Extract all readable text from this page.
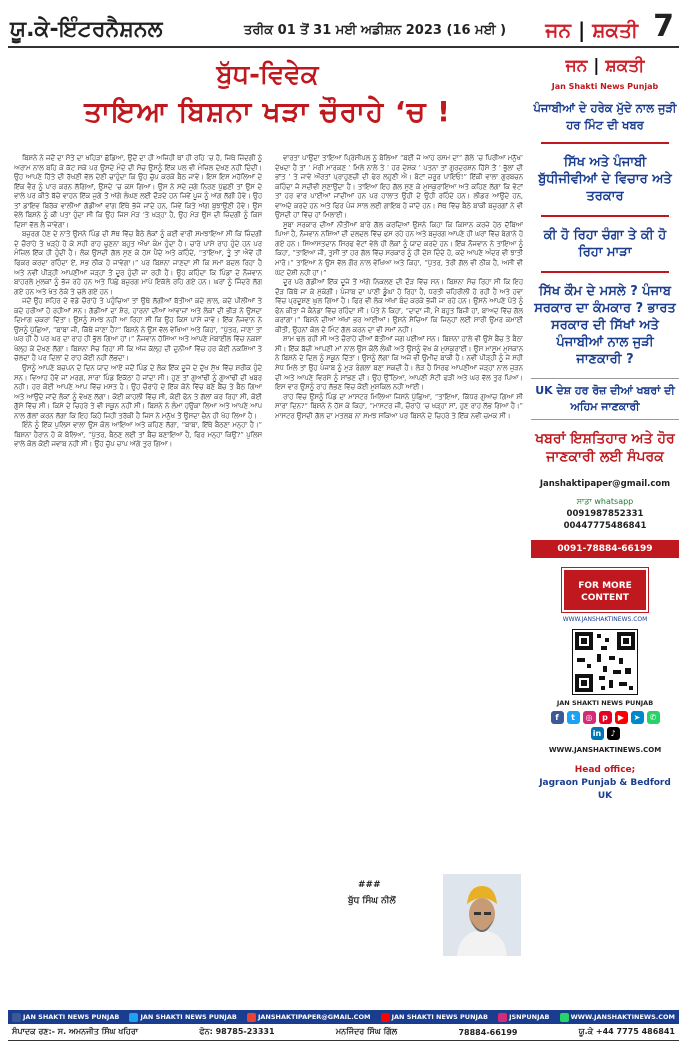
ਯੂ.ਕੇ-ਇੰਟਰਨੈਸ਼ਨਲ	ਤਰੀਕ 01 ਤੋਂ 31 ਮਈ ਅਡੀਸ਼ਨ 2023 (16 ਮਈ )	ਜਨ | ਸ਼ਕਤੀ 7
ਬੁੱਧ-ਵਿਵੇਕ
ਤਾਇਆ ਬਿਸ਼ਨਾ ਖੜਾ ਚੌਰਾਹੇ ‘ਚ !

ਬਿਸ਼ਨੇ ਨੇ ਜਦੋਂ ਦਾ ਸੋਤੇ ਦਾ ਖਹਿੜਾ ਛੱਡਿਆ, ਉਦੋਂ ਦਾ ਹੀ ਅਜਿਹੀ ਥਾਂ ਹੀ ਰਹਿ ‘ਚ ਹੈ, ਜਿਥੇ ਜ਼ਿੰਦਗੀ ਨੂੰ ਅਰਾਮ ਨਾਲ ਬਹਿ ਕੇ ਕੱਟ ਸਕੇ ਪਰ ਉਸਦੇ ਮੰਦੇ ਦੀ ਸੋਚ ਉਸਨੂੰ ਇੱਕ ਪਲ ਵੀ ਮੰਜ਼ਿਲ ਦੇਖਣ ਨਹੀਂ ਦਿੰਦੀ। ਉਹ ਆਪਣੇ ਹਿੱਤੇ ਦੀ ਰੱਖਣੀ ਵੱਲ ਦੇਣੀ ਚਾਹੁੰਦਾ ਕਿ ਉਹ ਚੁੱਪ ਕਰਕੇ ਬੈਠ ਜਾਵੇ। ਇਸ ਇਸ ਮਹੱਲਿਆਂ ਦੇ ਇੱਕ ਵੈਰ ਨੂੰ ਪਾਰ ਕਰਨ ਲੱਗਿਆਂ, ਉਸਦੇ ‘ਚ ਕਸ ਗਿਆ। ਉਸ ਨੇ ਸਦੇ ਜੁਗੇ ਨਿਰਣ ਪੁੱਛਣੀ ਤਾਂ ਉਸ ਦੇ ਵਾਲੇ ਪਰ ਕੀਤੇ ਬੱਚੇ ਵਾਹਨ ਇੱਕ ਜੁਗੇ ਤੋਂ ਅੱਗੇ ਲੰਘਣ ਲਈ ਦੌੜਦੇ ਹਨ ਜਿਵੇਂ ਪੂਜ ਨੂੰ ਅੱਗ ਲੱਗੀ ਹੋਵੇ। ਉਹ ਤਾਂ ਡਾਇਵ ਬਿਰੱਕ ਵਾਲੀਆਂ ਗੱਡੀਆਂ ਵਾਂਗ ਇੱਥੇ ਭੱਜੇ ਜਾਂਦੇ ਹਨ, ਜਿਵੇਂ ਕਿਤੇ ਅੱਗ ਬੁਝਾਉਣੀ ਹੋਵੇ। ਉਸ ਵੇਲੇ ਬਿਸ਼ਨੇ ਨੂੰ ਕੀ ਪਤਾ ਹੁੰਦਾ ਸੀ ਕਿ ਉਹ ਜਿਸ ਮੋੜ ‘ਤੇ ਖੜ੍ਹਾ ਹੈ, ਉਹ ਮੋੜ ਉਸ ਦੀ ਜ਼ਿੰਦਗੀ ਨੂੰ ਕਿਸ ਦਿਸ਼ਾ ਵੱਲ ਲੈ ਜਾਵੇਗਾ।

ਬਜ਼ੁਰਗ ਹੋਣ ਦੇ ਨਾਤੇ ਉਸਨੇ ਪਿੰਡ ਦੀ ਸੱਥ ਵਿੱਚ ਬੈਠੇ ਲੋਕਾਂ ਨੂੰ ਕਈ ਵਾਰੀ ਸਮਝਾਇਆ ਸੀ ਕਿ ਜ਼ਿੰਦਗੀ ਦੇ ਚੌਰਾਹੇ ਤੇ ਖੜ੍ਹੇ ਹੋ ਕੇ ਸਹੀ ਰਾਹ ਚੁਣਨਾ ਬਹੁਤ ਔਖਾ ਕੰਮ ਹੁੰਦਾ ਹੈ। ਚਾਰੇ ਪਾਸੇ ਰਾਹ ਹੁੰਦੇ ਹਨ ਪਰ ਮੰਜ਼ਿਲ ਇੱਕ ਹੀ ਹੁੰਦੀ ਹੈ। ਲੋਕ ਉਸਦੀ ਗੱਲ ਸੁਣ ਕੇ ਹੱਸ ਪੈਂਦੇ ਅਤੇ ਕਹਿੰਦੇ, “ਤਾਇਆ, ਤੂੰ ਤਾਂ ਐਵੇਂ ਹੀ ਫਿਕਰ ਕਰਦਾ ਰਹਿੰਦਾ ਏਂ, ਸਭ ਠੀਕ ਹੋ ਜਾਵੇਗਾ।” ਪਰ ਬਿਸ਼ਨਾ ਜਾਣਦਾ ਸੀ ਕਿ ਸਮਾਂ ਬਦਲ ਰਿਹਾ ਹੈ ਅਤੇ ਨਵੀਂ ਪੀੜ੍ਹੀ ਆਪਣੀਆਂ ਜੜ੍ਹਾਂ ਤੋਂ ਦੂਰ ਹੁੰਦੀ ਜਾ ਰਹੀ ਹੈ। ਉਹ ਕਹਿੰਦਾ ਕਿ ਪਿੰਡਾਂ ਦੇ ਨੌਜਵਾਨ ਬਾਹਰਲੇ ਮੁਲਕਾਂ ਨੂੰ ਭੱਜ ਰਹੇ ਹਨ ਅਤੇ ਪਿੱਛੇ ਬਜ਼ੁਰਗ ਮਾਪੇ ਇਕੱਲੇ ਰਹਿ ਗਏ ਹਨ। ਘਰਾਂ ਨੂੰ ਜਿੰਦਰੇ ਲੱਗ ਗਏ ਹਨ ਅਤੇ ਖੇਤ ਠੇਕੇ ਤੇ ਚਲੇ ਗਏ ਹਨ।

ਜਦੋਂ ਉਹ ਸ਼ਹਿਰ ਦੇ ਵੱਡੇ ਚੌਰਾਹੇ ਤੇ ਪਹੁੰਚਿਆ ਤਾਂ ਉਥੇ ਲੱਗੀਆਂ ਬੱਤੀਆਂ ਕਦੇ ਲਾਲ, ਕਦੇ ਪੀਲੀਆਂ ਤੇ ਕਦੇ ਹਰੀਆਂ ਹੋ ਰਹੀਆਂ ਸਨ। ਗੱਡੀਆਂ ਦਾ ਸ਼ੋਰ, ਹਾਰਨਾਂ ਦੀਆਂ ਆਵਾਜ਼ਾਂ ਅਤੇ ਲੋਕਾਂ ਦੀ ਭੀੜ ਨੇ ਉਸਦਾ ਦਿਮਾਗ ਚਕਰਾ ਦਿੱਤਾ। ਉਸਨੂੰ ਸਮਝ ਨਹੀਂ ਆ ਰਿਹਾ ਸੀ ਕਿ ਉਹ ਕਿਸ ਪਾਸੇ ਜਾਵੇ। ਇੱਕ ਨੌਜਵਾਨ ਨੇ ਉਸਨੂੰ ਪੁੱਛਿਆ, “ਬਾਬਾ ਜੀ, ਕਿੱਥੇ ਜਾਣਾ ਹੈ?” ਬਿਸ਼ਨੇ ਨੇ ਉਸ ਵੱਲ ਵੇਖਿਆ ਅਤੇ ਕਿਹਾ, “ਪੁੱਤਰ, ਜਾਣਾ ਤਾਂ ਘਰ ਹੀ ਹੈ ਪਰ ਘਰ ਦਾ ਰਾਹ ਹੀ ਭੁੱਲ ਗਿਆ ਹਾਂ।” ਨੌਜਵਾਨ ਹੱਸਿਆ ਅਤੇ ਆਪਣੇ ਮੋਬਾਈਲ ਵਿੱਚ ਨਕਸ਼ਾ ਖੋਲ੍ਹ ਕੇ ਦੇਖਣ ਲੱਗਾ। ਬਿਸ਼ਨਾ ਸੋਚ ਰਿਹਾ ਸੀ ਕਿ ਅੱਜ ਕੱਲ੍ਹ ਦੀ ਦੁਨੀਆਂ ਵਿੱਚ ਹਰ ਕੋਈ ਨਕਸ਼ਿਆਂ ਤੇ ਚੱਲਦਾ ਹੈ ਪਰ ਦਿਲਾਂ ਦੇ ਰਾਹ ਕੋਈ ਨਹੀਂ ਲੱਭਦਾ।

ਉਸਨੂੰ ਆਪਣੇ ਬਚਪਨ ਦੇ ਦਿਨ ਯਾਦ ਆਏ ਜਦੋਂ ਪਿੰਡ ਦੇ ਲੋਕ ਇੱਕ ਦੂਜੇ ਦੇ ਦੁੱਖ ਸੁੱਖ ਵਿੱਚ ਸ਼ਰੀਕ ਹੁੰਦੇ ਸਨ। ਵਿਆਹ ਹੋਵੇ ਜਾਂ ਮਰਗ, ਸਾਰਾ ਪਿੰਡ ਇਕੱਠਾ ਹੋ ਜਾਂਦਾ ਸੀ। ਹੁਣ ਤਾਂ ਗੁਆਂਢੀ ਨੂੰ ਗੁਆਂਢੀ ਦੀ ਖਬਰ ਨਹੀਂ। ਹਰ ਕੋਈ ਆਪਣੇ ਆਪ ਵਿੱਚ ਮਸਤ ਹੈ। ਉਹ ਚੌਰਾਹੇ ਦੇ ਇੱਕ ਕੋਨੇ ਵਿੱਚ ਬਣੇ ਬੈਂਚ ਤੇ ਬੈਠ ਗਿਆ ਅਤੇ ਆਉਂਦੇ ਜਾਂਦੇ ਲੋਕਾਂ ਨੂੰ ਵੇਖਣ ਲੱਗਾ। ਕੋਈ ਕਾਹਲੀ ਵਿੱਚ ਸੀ, ਕੋਈ ਫੋਨ ਤੇ ਗੱਲਾਂ ਕਰ ਰਿਹਾ ਸੀ, ਕੋਈ ਗੁੱਸੇ ਵਿੱਚ ਸੀ। ਕਿਸੇ ਦੇ ਚਿਹਰੇ ਤੇ ਵੀ ਸਕੂਨ ਨਹੀਂ ਸੀ। ਬਿਸ਼ਨੇ ਨੇ ਲੰਮਾ ਹਉਕਾ ਲਿਆ ਅਤੇ ਆਪਣੇ ਆਪ ਨਾਲ ਗੱਲਾਂ ਕਰਨ ਲੱਗਾ ਕਿ ਇਹ ਕਿਹੋ ਜਿਹੀ ਤਰੱਕੀ ਹੈ ਜਿਸ ਨੇ ਮਨੁੱਖ ਤੋਂ ਉਸਦਾ ਚੈਨ ਹੀ ਖੋਹ ਲਿਆ ਹੈ।

ਇੰਨੇ ਨੂੰ ਇੱਕ ਪੁਲਿਸ ਵਾਲਾ ਉਸ ਕੋਲ ਆਇਆ ਅਤੇ ਕਹਿਣ ਲੱਗਾ, “ਬਾਬਾ, ਇੱਥੇ ਬੈਠਣਾ ਮਨ੍ਹਾ ਹੈ।” ਬਿਸ਼ਨਾ ਹੈਰਾਨ ਹੋ ਕੇ ਬੋਲਿਆ, “ਪੁੱਤਰ, ਬੈਠਣ ਲਈ ਤਾਂ ਬੈਂਚ ਬਣਾਇਆ ਹੈ, ਫਿਰ ਮਨ੍ਹਾ ਕਿਉਂ?” ਪੁਲਿਸ ਵਾਲੇ ਕੋਲ ਕੋਈ ਜਵਾਬ ਨਹੀਂ ਸੀ। ਉਹ ਚੁੱਪ ਚਾਪ ਅੱਗੇ ਤੁਰ ਗਿਆ।

ਵਾਰਤਾ ਪਾਉਂਦਾ ਤਾਇਆ ਪ੍ਰਿੰਸੀਪਲ ਨੂੰ ਬੋਲਿਆ “ਬਈ ਜੇ ਆਹ ਰਸਮ ਦਾ” ਗੱਲੇ ‘ਚ ਪਿਰੀਆ ਮਨੁੱਖ’ ਦੇਖਦਾ ਹੈ ਤਾਂ ‘ ਮੇਰੀ ਮਾਰਕਣ ’ ਮਿਲੇ ਨਾਲੇ ਤੇ ‘ ਹਰ ਦੇਸ਼ਕ ’ ਪਤਨਾ ਤਾਂ ਗੁਰਦਰਸ਼ਨ ਹਿੱਸੇ ਤੋਂ ‘ ਭੁੱਲਾਂ ਦੀ ਭਾਂਤ ’ ਤੇ ਜਾਵੇ ਔਰਤਾਂ ਪ੍ਰਾਹੁਣਚੀ ਦੀ ਫੇਰ ਲਹੁਣੀ ਐ। ਬੋਟਾਂ ਜ਼ਰੂਰ ਪਾਇਓ!” ਇੱਕੀ ਵਾਲਾ ਗੁਰਬਚਨ ਕਹਿੰਦਾ ਜੋ ਸਦੀਵੀ ਸੁਣਾਉਂਦਾ ਹੈ। ਤਾਇਆ ਇਹ ਗੱਲ ਸੁਣ ਕੇ ਮੁਸਕੁਰਾਇਆ ਅਤੇ ਕਹਿਣ ਲੱਗਾ ਕਿ ਵੋਟਾਂ ਤਾਂ ਹਰ ਵਾਰ ਪਾਈਆਂ ਜਾਂਦੀਆਂ ਹਨ ਪਰ ਹਾਲਾਤ ਉਹੀ ਦੇ ਉਹੀ ਰਹਿੰਦੇ ਹਨ। ਲੀਡਰ ਆਉਂਦੇ ਹਨ, ਵਾਅਦੇ ਕਰਦੇ ਹਨ ਅਤੇ ਫਿਰ ਪੰਜ ਸਾਲ ਲਈ ਗਾਇਬ ਹੋ ਜਾਂਦੇ ਹਨ। ਸੱਥ ਵਿੱਚ ਬੈਠੇ ਬਾਕੀ ਬਜ਼ੁਰਗਾਂ ਨੇ ਵੀ ਉਸਦੀ ਹਾਂ ਵਿੱਚ ਹਾਂ ਮਿਲਾਈ।

ਸੂਬਾ ਸਰਕਾਰ ਦੀਆਂ ਨੀਤੀਆਂ ਬਾਰੇ ਗੱਲ ਕਰਦਿਆਂ ਉਸਨੇ ਕਿਹਾ ਕਿ ਕਿਸਾਨ ਕਰਜ਼ੇ ਹੇਠ ਦੱਬਿਆ ਪਿਆ ਹੈ, ਨੌਜਵਾਨ ਨਸ਼ਿਆਂ ਦੀ ਦਲਦਲ ਵਿੱਚ ਫਸ ਰਹੇ ਹਨ ਅਤੇ ਬਜ਼ੁਰਗ ਆਪਣੇ ਹੀ ਘਰਾਂ ਵਿੱਚ ਬੇਗਾਨੇ ਹੋ ਗਏ ਹਨ। ਸਿਆਸਤਦਾਨ ਸਿਰਫ ਵੋਟਾਂ ਵੇਲੇ ਹੀ ਲੋਕਾਂ ਨੂੰ ਯਾਦ ਕਰਦੇ ਹਨ। ਇੱਕ ਨੌਜਵਾਨ ਨੇ ਤਾਇਆ ਨੂੰ ਕਿਹਾ, “ਤਾਇਆ ਜੀ, ਤੁਸੀਂ ਤਾਂ ਹਰ ਗੱਲ ਵਿੱਚ ਸਰਕਾਰ ਨੂੰ ਹੀ ਦੋਸ਼ ਦਿੰਦੇ ਹੋ, ਕਦੇ ਆਪਣੇ ਅੰਦਰ ਵੀ ਝਾਤੀ ਮਾਰੋ।” ਤਾਇਆ ਨੇ ਉਸ ਵੱਲ ਗੌਰ ਨਾਲ ਵੇਖਿਆ ਅਤੇ ਕਿਹਾ, “ਪੁੱਤਰ, ਤੇਰੀ ਗੱਲ ਵੀ ਠੀਕ ਹੈ, ਅਸੀਂ ਵੀ ਘੱਟ ਦੋਸ਼ੀ ਨਹੀਂ ਹਾਂ।”

ਦੂਰ ਪਰੇ ਗੱਡੀਆਂ ਇੱਕ ਦੂਜੇ ਤੋਂ ਅੱਗੇ ਨਿਕਲਣ ਦੀ ਦੌੜ ਵਿੱਚ ਸਨ। ਬਿਸ਼ਨਾ ਸੋਚ ਰਿਹਾ ਸੀ ਕਿ ਇਹ ਦੌੜ ਕਿੱਥੇ ਜਾ ਕੇ ਮੁੱਕੇਗੀ। ਪੰਜਾਬ ਦਾ ਪਾਣੀ ਡੂੰਘਾ ਹੋ ਰਿਹਾ ਹੈ, ਧਰਤੀ ਜ਼ਹਿਰੀਲੀ ਹੋ ਰਹੀ ਹੈ ਅਤੇ ਹਵਾ ਵਿੱਚ ਪ੍ਰਦੂਸ਼ਣ ਘੁਲ ਗਿਆ ਹੈ। ਫਿਰ ਵੀ ਲੋਕ ਅੱਖਾਂ ਬੰਦ ਕਰਕੇ ਭੱਜੀ ਜਾ ਰਹੇ ਹਨ। ਉਸਨੇ ਆਪਣੇ ਪੋਤੇ ਨੂੰ ਫੋਨ ਕੀਤਾ ਜੋ ਕੈਨੇਡਾ ਵਿੱਚ ਰਹਿੰਦਾ ਸੀ। ਪੋਤੇ ਨੇ ਕਿਹਾ, “ਦਾਦਾ ਜੀ, ਮੈਂ ਬਹੁਤ ਬਿਜ਼ੀ ਹਾਂ, ਬਾਅਦ ਵਿੱਚ ਗੱਲ ਕਰਾਂਗਾ।” ਬਿਸ਼ਨੇ ਦੀਆਂ ਅੱਖਾਂ ਭਰ ਆਈਆਂ। ਉਸਨੇ ਸੋਚਿਆ ਕਿ ਜਿਨ੍ਹਾਂ ਲਈ ਸਾਰੀ ਉਮਰ ਕਮਾਈ ਕੀਤੀ, ਉਹਨਾਂ ਕੋਲ ਦੋ ਮਿੰਟ ਗੱਲ ਕਰਨ ਦਾ ਵੀ ਸਮਾਂ ਨਹੀਂ।

ਸ਼ਾਮ ਢਲ ਰਹੀ ਸੀ ਅਤੇ ਚੌਰਾਹੇ ਦੀਆਂ ਬੱਤੀਆਂ ਜਗ ਪਈਆਂ ਸਨ। ਬਿਸ਼ਨਾ ਹਾਲੇ ਵੀ ਉਸੇ ਬੈਂਚ ਤੇ ਬੈਠਾ ਸੀ। ਇੱਕ ਬੱਚੀ ਆਪਣੀ ਮਾਂ ਨਾਲ ਉਸ ਕੋਲੋਂ ਲੰਘੀ ਅਤੇ ਉਸਨੂੰ ਵੇਖ ਕੇ ਮੁਸਕੁਰਾਈ। ਉਸ ਮਾਸੂਮ ਮੁਸਕਾਨ ਨੇ ਬਿਸ਼ਨੇ ਦੇ ਦਿਲ ਨੂੰ ਸਕੂਨ ਦਿੱਤਾ। ਉਸਨੂੰ ਲੱਗਾ ਕਿ ਅਜੇ ਵੀ ਉਮੀਦ ਬਾਕੀ ਹੈ। ਨਵੀਂ ਪੀੜ੍ਹੀ ਨੂੰ ਜੇ ਸਹੀ ਸੇਧ ਮਿਲੇ ਤਾਂ ਉਹ ਪੰਜਾਬ ਨੂੰ ਮੁੜ ਰੰਗਲਾ ਬਣਾ ਸਕਦੀ ਹੈ। ਲੋੜ ਹੈ ਸਿਰਫ ਆਪਣੀਆਂ ਜੜ੍ਹਾਂ ਨਾਲ ਜੁੜਨ ਦੀ ਅਤੇ ਆਪਣੇ ਵਿਰਸੇ ਨੂੰ ਸਾਂਭਣ ਦੀ। ਉਹ ਉੱਠਿਆ, ਆਪਣੀ ਸੋਟੀ ਫੜੀ ਅਤੇ ਘਰ ਵੱਲ ਤੁਰ ਪਿਆ। ਇਸ ਵਾਰ ਉਸਨੂੰ ਰਾਹ ਲੱਭਣ ਵਿੱਚ ਕੋਈ ਮੁਸ਼ਕਿਲ ਨਹੀਂ ਆਈ।

ਰਾਹ ਵਿੱਚ ਉਸਨੂੰ ਪਿੰਡ ਦਾ ਮਾਸਟਰ ਮਿਲਿਆ ਜਿਸਨੇ ਪੁੱਛਿਆ, “ਤਾਇਆ, ਕਿੱਧਰ ਗੁਆਚ ਗਿਆ ਸੀ ਸਾਰਾ ਦਿਨ?” ਬਿਸ਼ਨੇ ਨੇ ਹੱਸ ਕੇ ਕਿਹਾ, “ਮਾਸਟਰ ਜੀ, ਚੌਰਾਹੇ ‘ਚ ਖੜ੍ਹਾ ਸਾਂ, ਹੁਣ ਰਾਹ ਲੱਭ ਗਿਆ ਹੈ।” ਮਾਸਟਰ ਉਸਦੀ ਗੱਲ ਦਾ ਮਤਲਬ ਨਾ ਸਮਝ ਸਕਿਆ ਪਰ ਬਿਸ਼ਨੇ ਦੇ ਚਿਹਰੇ ਤੇ ਇੱਕ ਨਵੀਂ ਚਮਕ ਸੀ।

###
ਬੁੱਧ ਸਿੰਘ ਨੀਲੋਂ
ਜਨ | ਸ਼ਕਤੀ
Jan Shakti News Punjab
ਪੰਜਾਬੀਆਂ ਦੇ ਹਰੇਕ ਮੁੱਦੇ ਨਾਲ ਜੁੜੀ ਹਰ ਮਿੰਟ ਦੀ ਖਬਰ
ਸਿੱਖ ਅਤੇ ਪੰਜਾਬੀ ਬੁੱਧੀਜੀਵੀਆਂ ਦੇ ਵਿਚਾਰ ਅਤੇ ਤਰਕਾਰ
ਕੀ ਹੋ ਰਿਹਾ ਚੰਗਾ ਤੇ ਕੀ ਹੋ ਰਿਹਾ ਮਾੜਾ
ਸਿੱਖ ਕੌਮ ਦੇ ਮਸਲੇ ? ਪੰਜਾਬ ਸਰਕਾਰ ਦਾ ਕੰਮਕਾਰ ? ਭਾਰਤ ਸਰਕਾਰ ਦੀ ਸਿੱਖਾਂ ਅਤੇ ਪੰਜਾਬੀਆਂ ਨਾਲ ਜੁੜੀ ਜਾਣਕਾਰੀ ?
UK ਦੇਸ਼ ਹਰ ਰੋਜ਼ ਦੀਆਂ ਖਬਰਾਂ ਦੀ ਅਹਿਮ ਜਾਣਕਾਰੀ
ਖਬਰਾਂ ਇਸ਼ਤਿਹਾਰ ਅਤੇ ਹੋਰ ਜਾਣਕਾਰੀ ਲਈ ਸੰਪਰਕ
Janshaktipaper@gmail.com
ਸਾਡਾ whatsapp
0091987852331
00447775486841
0091-78884-66199
FOR MORE CONTENT
WWW.JANSHAKTINEWS.COM
JAN SHAKTI NEWS PUNJAB
f	t	◎	p	▶	➤	✆
in	♪
WWW.JANSHAKTINEWS.COM
Head office;
Jagraon Punjab & Bedford UK
JAN SHAKTI NEWS PUNJAB	JAN SHAKTI NEWS PUNJAB	JANSHAKTIPAPER@GMAIL.COM	JAN SHAKTI NEWS PUNJAB	JSNPUNJAB	WWW.JANSHAKTINEWS.COM
ਸੰਪਾਦਕ ਰਣ:- ਸ. ਅਮਨਜੀਤ ਸਿੰਘ ਖਹਿਰਾ	ਫੋਨ: 98785-23331	ਮਨਜਿੰਦਰ ਸਿੰਘ ਗਿੱਲ	78884-66199	ਯੂ.ਕੇ +44 7775 486841
